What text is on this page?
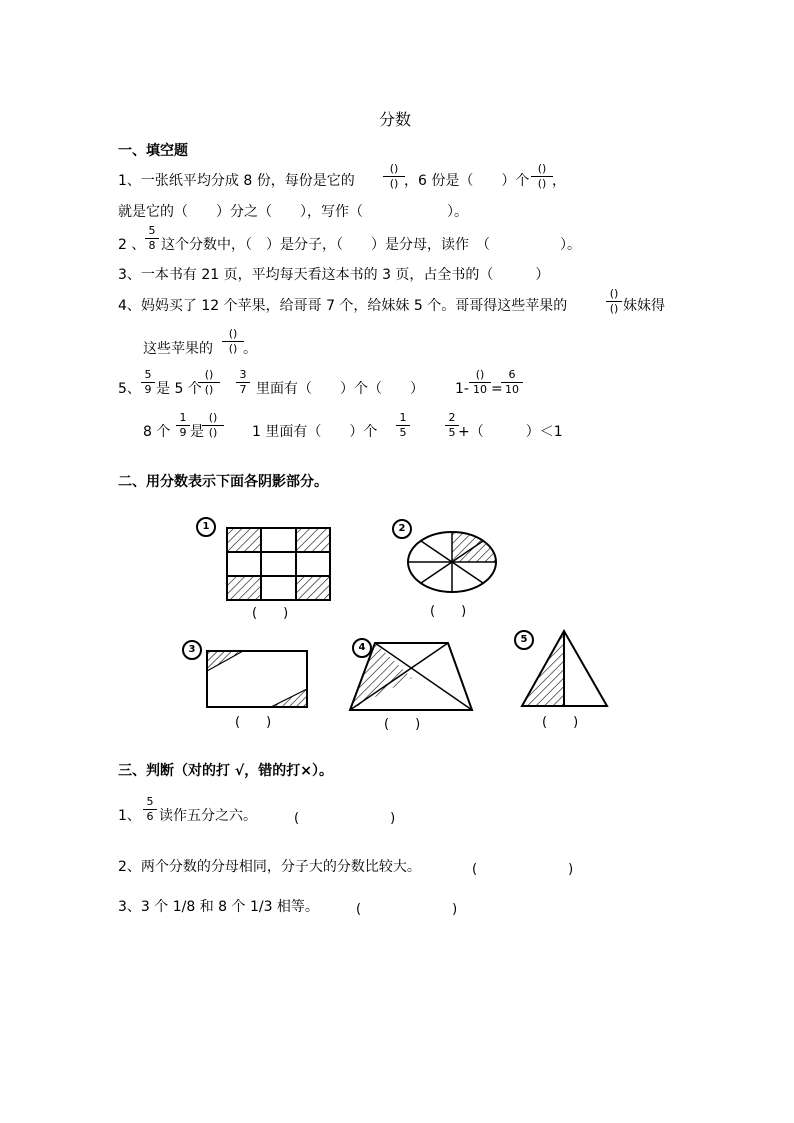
分数
一、填空题
1、一张纸平均分成 8 份，每份是它的
()
() ，6 份是（　　）个
()
() ，
就是它的（　　）分之（　　），写作（　　　　　　）。
2 、 $\frac{5}{8}$ 这个分数中，（　）是分子，（　　）是分母，读作　（　　　　　）。
3、一本书有 21 页，平均每天看这本书的 3 页，占全书的（　　　）
4、妈妈买了 12 个苹果，给哥哥 7 个，给妹妹 5 个。哥哥得这些苹果的
()
() 妹妹得
这些苹果的
()
() 。
5、 $\frac{5}{9}$ 是 5 个
()
()	$\frac{3}{7}$ 里面有（　　）个（　　） 1-
()
10 =
$\frac{6}{10}$
8 个 $\frac{1}{9}$ 是
()
()	1 里面有（　　）个 $\frac{1}{5}$	$\frac{2}{5}$ +（　　　）＜1
二、用分数表示下面各阴影部分。
1
(　　)
2
(　　)
3
(　　)
4
(　　)
5
(　　)
三、判断（对的打 √，错的打×）。
1、 $\frac{5}{6}$ 读作五分之六。	(　　　　　　　)
2、两个分数的分母相同，分子大的分数比较大。	(　　　　　　　)
3、3 个 1/8 和 8 个 1/3 相等。	(　　　　　　　)
